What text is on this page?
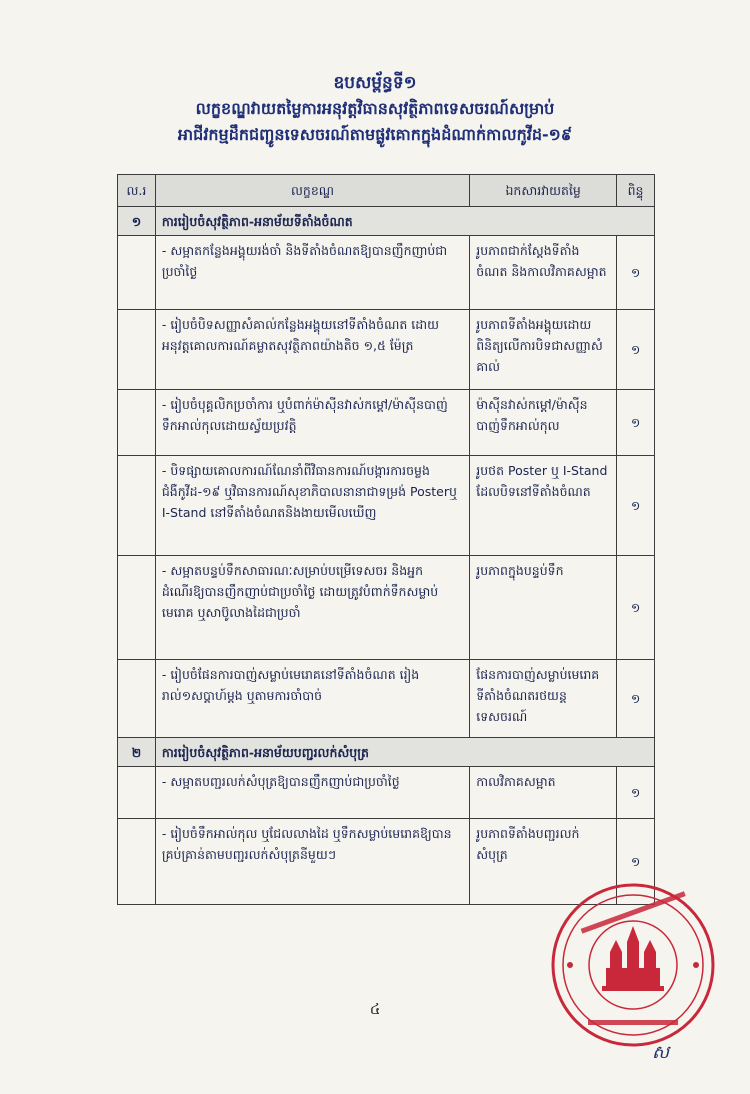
ឧបសម្ព័ន្ធទី១
លក្ខខណ្ឌវាយតម្លៃការអនុវត្តវិធានសុវត្ថិភាពទេសចរណ៍សម្រាប់
អាជីវកម្មដឹកជញ្ជូនទេសចរណ៍តាមផ្លូវគោកក្នុងដំណាក់កាលកូវីដ-១៩
ល.រ	លក្ខខណ្ឌ	ឯកសារវាយតម្លៃ	ពិន្ទុ
១	ការរៀបចំសុវត្ថិភាព-អនាម័យទីតាំងចំណត		
	- សម្អាតកន្លែងអង្គុយរង់ចាំ និងទីតាំងចំណតឱ្យបានញឹកញាប់ជាប្រចាំថ្ងៃ	រូបភាពជាក់ស្តែងទីតាំងចំណត និងកាលវិភាគសម្អាត	១
	- រៀបចំបិទសញ្ញាសំគាល់កន្លែងអង្គុយនៅទីតាំងចំណត ដោយអនុវត្តគោលការណ៍គម្លាតសុវត្ថិភាពយ៉ាងតិច ១,៥ ម៉ែត្រ	រូបភាពទីតាំងអង្គុយដោយពិនិត្យលើការបិទជាសញ្ញាសំគាល់	១
	- រៀបចំបុគ្គលិកប្រចាំការ ឬបំពាក់ម៉ាស៊ីនវាស់កម្តៅ/ម៉ាស៊ីនបាញ់ទឹកអាល់កុលដោយស្វ័យប្រវត្តិ	ម៉ាស៊ីនវាស់កម្តៅ/ម៉ាស៊ីនបាញ់ទឹកអាល់កុល	១
	- បិទផ្សាយគោលការណ៍ណែនាំពីវិធានការណ៍បង្ការការចម្លងជំងឺកូវីដ-១៩ ឬវិធានការណ៍សុខាភិបាលនានាជាទម្រង់ Posterឬ I-Stand នៅទីតាំងចំណតនិងងាយមើលឃើញ	រូបថត Poster ឬ I-Stand ដែលបិទនៅទីតាំងចំណត	១
	- សម្អាតបន្ទប់ទឹកសាធារណៈសម្រាប់បម្រើទេសចរ និងអ្នកដំណើរឱ្យបានញឹកញាប់ជាប្រចាំថ្ងៃ ដោយត្រូវបំពាក់ទឹកសម្លាប់មេរោគ ឬសាប៊ូលាងដៃជាប្រចាំ	រូបភាពក្នុងបន្ទប់ទឹក	១
	- រៀបចំផែនការបាញ់សម្លាប់មេរោគនៅទីតាំងចំណត រៀងរាល់១សប្តាហ៍ម្តង ឬតាមការចាំបាច់	ផែនការបាញ់សម្លាប់មេរោគទីតាំងចំណតរថយន្តទេសចរណ៍	១
២	ការរៀបចំសុវត្ថិភាព-អនាម័យបញ្ជរលក់សំបុត្រ		
	- សម្អាតបញ្ជរលក់សំបុត្រឱ្យបានញឹកញាប់ជាប្រចាំថ្ងៃ	កាលវិភាគសម្អាត	១
	- រៀបចំទឹកអាល់កុល ឬជែលលាងដៃ ឬទឹកសម្លាប់មេរោគឱ្យបានគ្រប់គ្រាន់តាមបញ្ជរលក់សំបុត្រនីមួយៗ	រូបភាពទីតាំងបញ្ជរលក់សំបុត្រ	១
៤
ស
